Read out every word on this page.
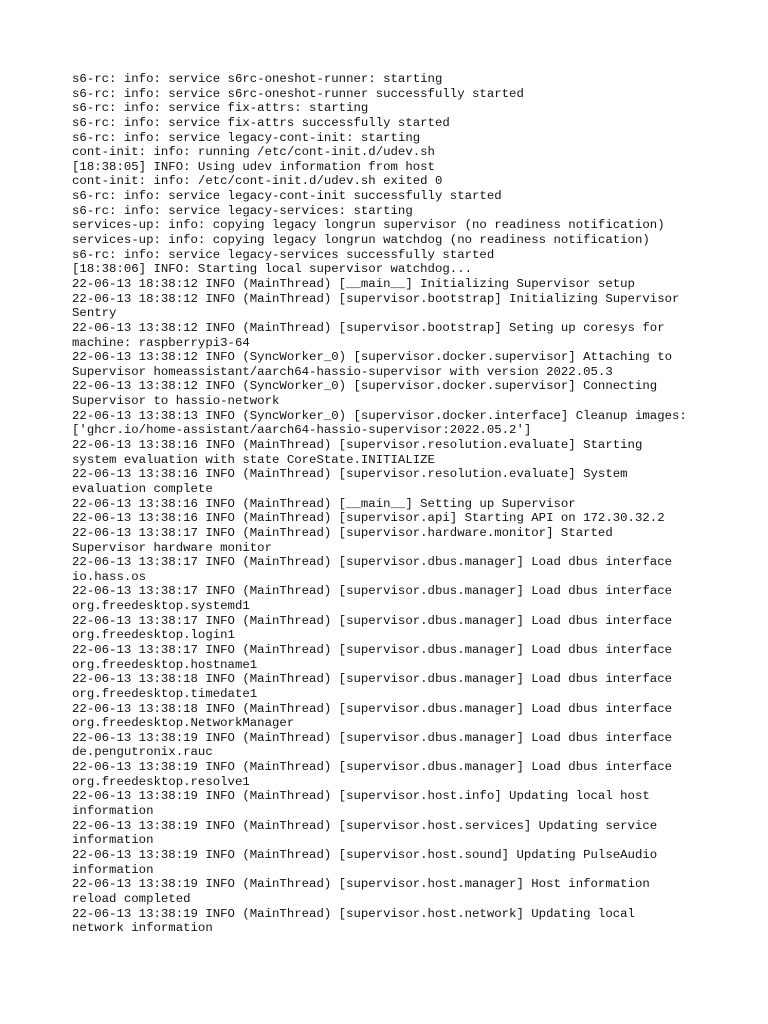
s6-rc: info: service s6rc-oneshot-runner: starting
s6-rc: info: service s6rc-oneshot-runner successfully started
s6-rc: info: service fix-attrs: starting
s6-rc: info: service fix-attrs successfully started
s6-rc: info: service legacy-cont-init: starting
cont-init: info: running /etc/cont-init.d/udev.sh
[18:38:05] INFO: Using udev information from host
cont-init: info: /etc/cont-init.d/udev.sh exited 0
s6-rc: info: service legacy-cont-init successfully started
s6-rc: info: service legacy-services: starting
services-up: info: copying legacy longrun supervisor (no readiness notification)
services-up: info: copying legacy longrun watchdog (no readiness notification)
s6-rc: info: service legacy-services successfully started
[18:38:06] INFO: Starting local supervisor watchdog...
22-06-13 18:38:12 INFO (MainThread) [__main__] Initializing Supervisor setup
22-06-13 18:38:12 INFO (MainThread) [supervisor.bootstrap] Initializing Supervisor
Sentry
22-06-13 13:38:12 INFO (MainThread) [supervisor.bootstrap] Seting up coresys for
machine: raspberrypi3-64
22-06-13 13:38:12 INFO (SyncWorker_0) [supervisor.docker.supervisor] Attaching to
Supervisor homeassistant/aarch64-hassio-supervisor with version 2022.05.3
22-06-13 13:38:12 INFO (SyncWorker_0) [supervisor.docker.supervisor] Connecting
Supervisor to hassio-network
22-06-13 13:38:13 INFO (SyncWorker_0) [supervisor.docker.interface] Cleanup images:
['ghcr.io/home-assistant/aarch64-hassio-supervisor:2022.05.2']
22-06-13 13:38:16 INFO (MainThread) [supervisor.resolution.evaluate] Starting
system evaluation with state CoreState.INITIALIZE
22-06-13 13:38:16 INFO (MainThread) [supervisor.resolution.evaluate] System
evaluation complete
22-06-13 13:38:16 INFO (MainThread) [__main__] Setting up Supervisor
22-06-13 13:38:16 INFO (MainThread) [supervisor.api] Starting API on 172.30.32.2
22-06-13 13:38:17 INFO (MainThread) [supervisor.hardware.monitor] Started
Supervisor hardware monitor
22-06-13 13:38:17 INFO (MainThread) [supervisor.dbus.manager] Load dbus interface
io.hass.os
22-06-13 13:38:17 INFO (MainThread) [supervisor.dbus.manager] Load dbus interface
org.freedesktop.systemd1
22-06-13 13:38:17 INFO (MainThread) [supervisor.dbus.manager] Load dbus interface
org.freedesktop.login1
22-06-13 13:38:17 INFO (MainThread) [supervisor.dbus.manager] Load dbus interface
org.freedesktop.hostname1
22-06-13 13:38:18 INFO (MainThread) [supervisor.dbus.manager] Load dbus interface
org.freedesktop.timedate1
22-06-13 13:38:18 INFO (MainThread) [supervisor.dbus.manager] Load dbus interface
org.freedesktop.NetworkManager
22-06-13 13:38:19 INFO (MainThread) [supervisor.dbus.manager] Load dbus interface
de.pengutronix.rauc
22-06-13 13:38:19 INFO (MainThread) [supervisor.dbus.manager] Load dbus interface
org.freedesktop.resolve1
22-06-13 13:38:19 INFO (MainThread) [supervisor.host.info] Updating local host
information
22-06-13 13:38:19 INFO (MainThread) [supervisor.host.services] Updating service
information
22-06-13 13:38:19 INFO (MainThread) [supervisor.host.sound] Updating PulseAudio
information
22-06-13 13:38:19 INFO (MainThread) [supervisor.host.manager] Host information
reload completed
22-06-13 13:38:19 INFO (MainThread) [supervisor.host.network] Updating local
network information
